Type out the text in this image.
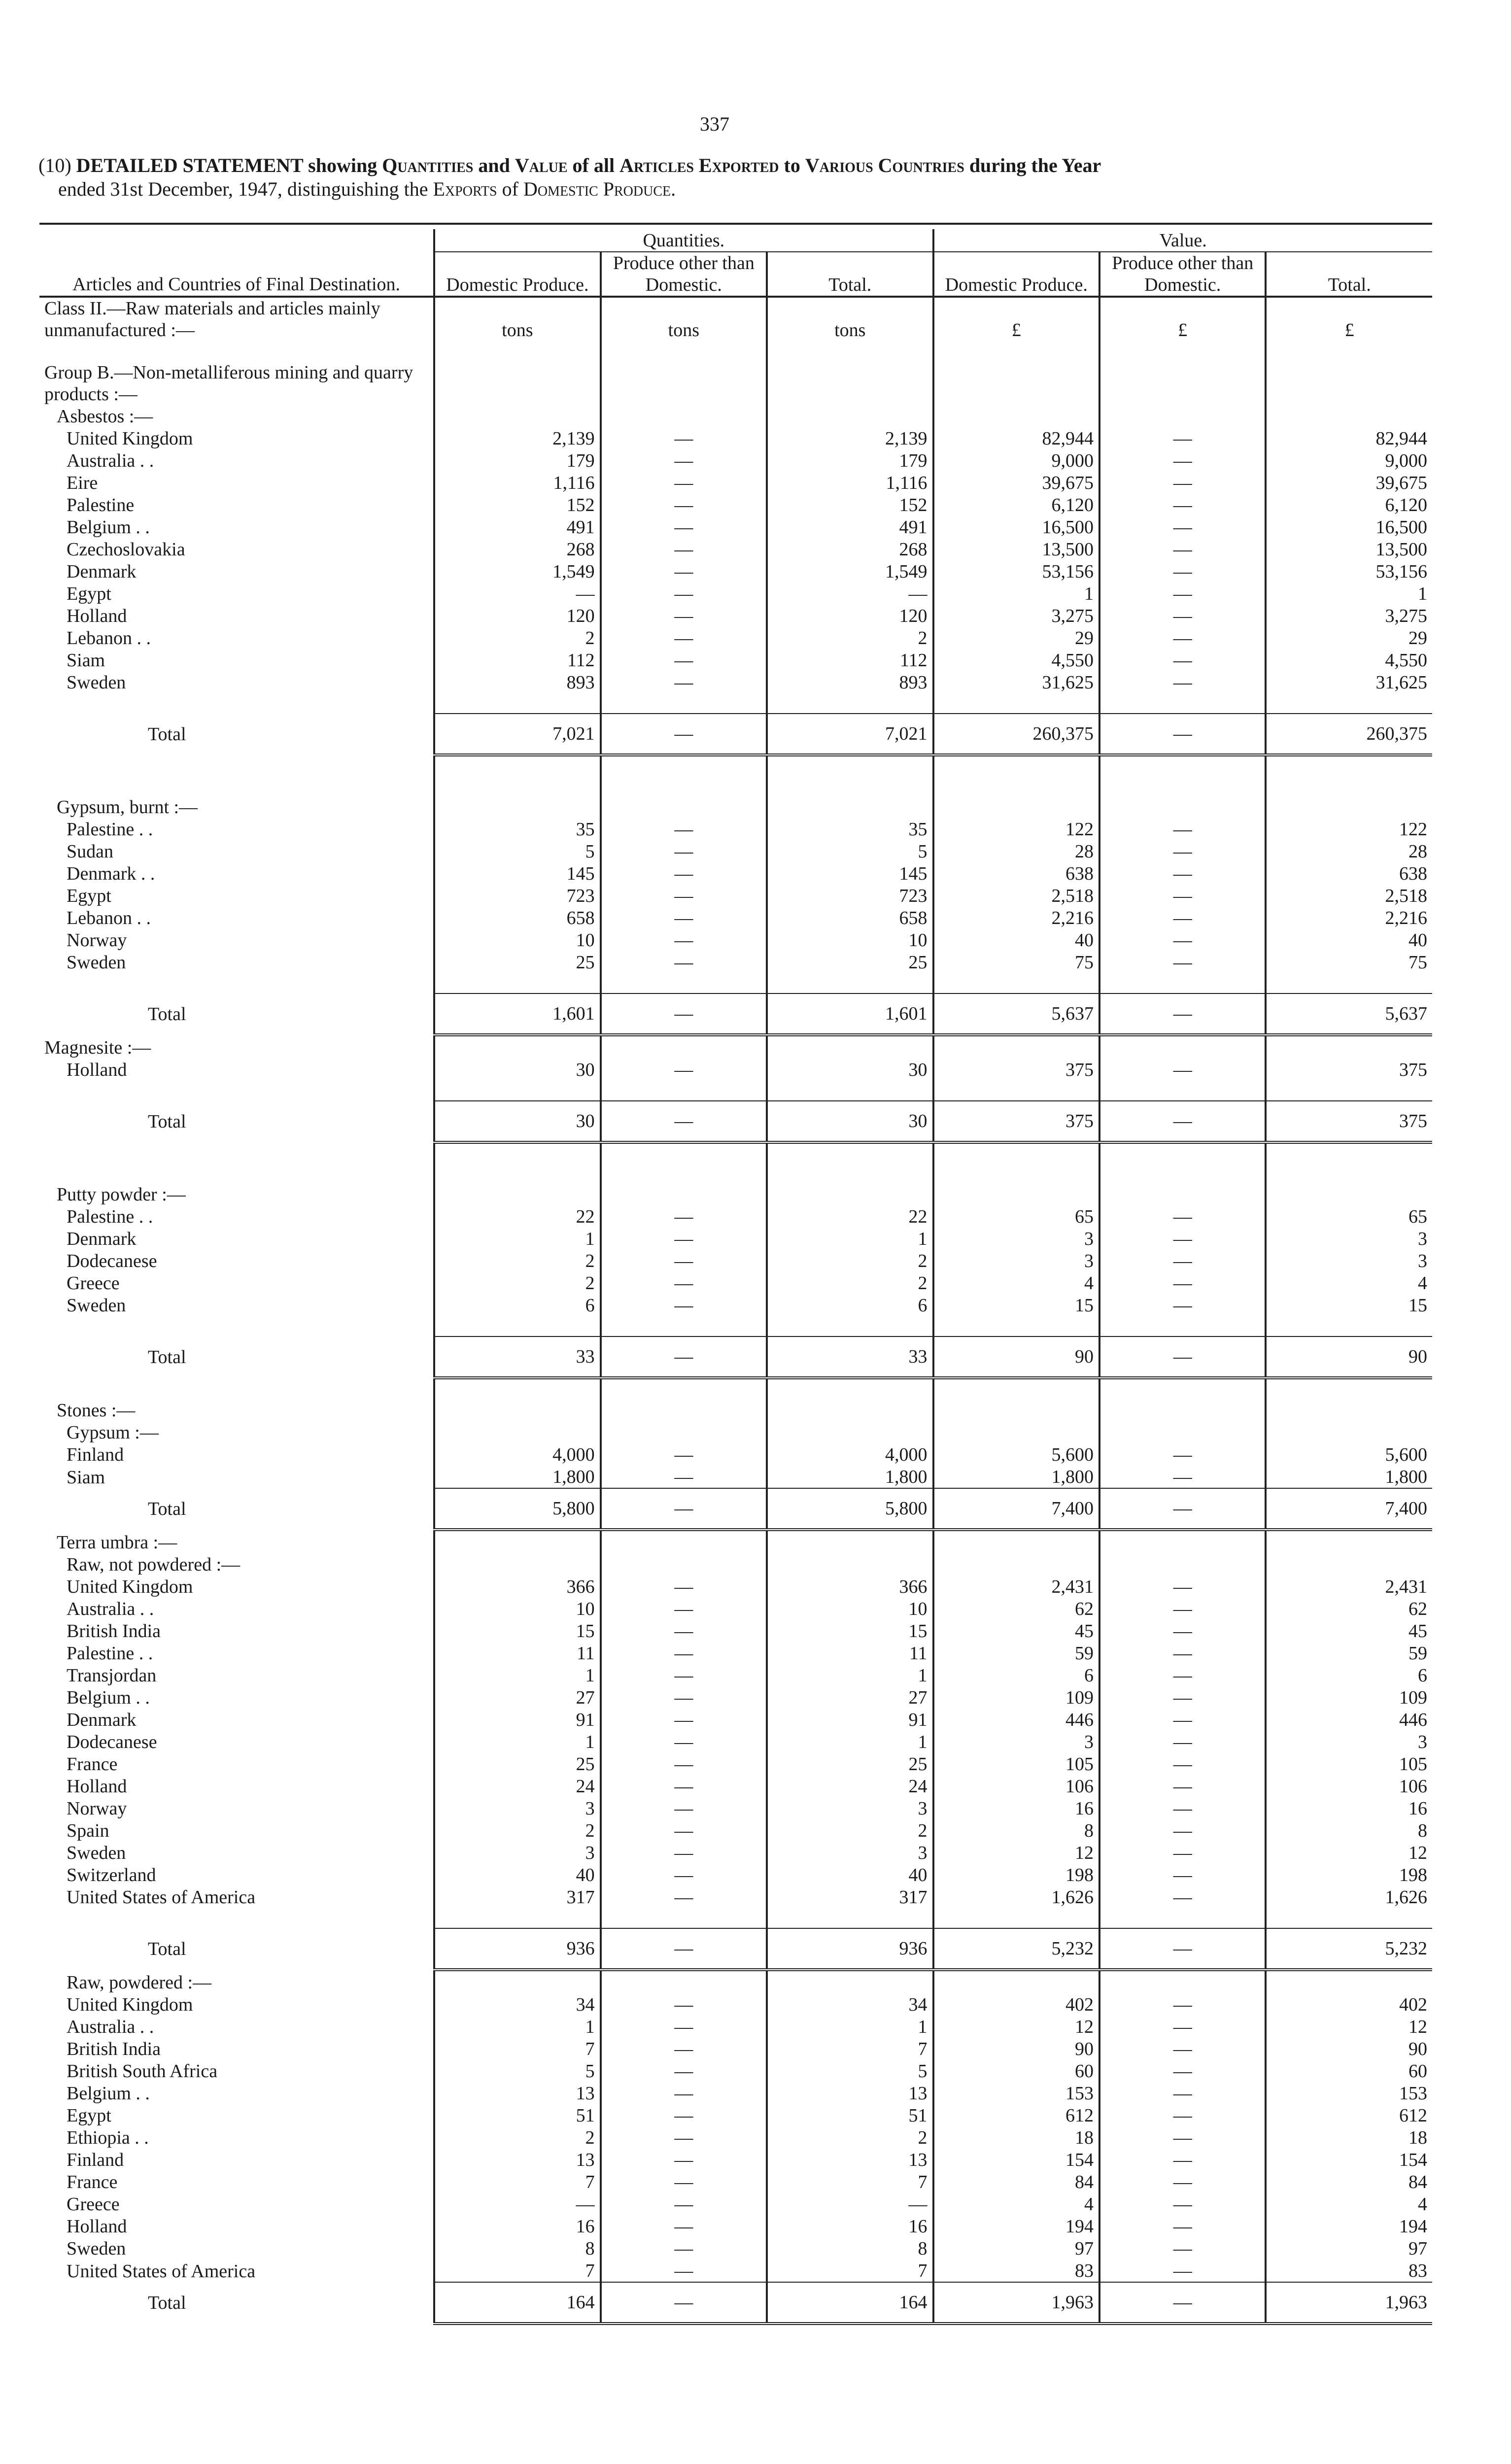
337
(10) DETAILED STATEMENT showing Quantities and Value of all Articles Exported to Various Countries during the Year
ended 31st December, 1947, distinguishing the Exports of Domestic Produce.
Articles and Countries of Final Destination.	Quantities.			Value.		
	Domestic Produce.	Produce other than Domestic.	Total.	Domestic Produce.	Produce other than Domestic.	Total.
Class II.—Raw materials and articles mainly unmanufactured :—	tons	tons	tons	£	£	£

Group B.—Non-metalliferous mining and quarry products :—						
Asbestos :—						
United Kingdom	2,139	—	2,139	82,944	—	82,944
Australia . .	179	—	179	9,000	—	9,000
Eire	1,116	—	1,116	39,675	—	39,675
Palestine	152	—	152	6,120	—	6,120
Belgium . .	491	—	491	16,500	—	16,500
Czechoslovakia	268	—	268	13,500	—	13,500
Denmark	1,549	—	1,549	53,156	—	53,156
Egypt	—	—	—	1	—	1
Holland	120	—	120	3,275	—	3,275
Lebanon . .	2	—	2	29	—	29
Siam	112	—	112	4,550	—	4,550
Sweden	893	—	893	31,625	—	31,625

Total	7,021	—	7,021	260,375	—	260,375

Gypsum, burnt :—						
Palestine . .	35	—	35	122	—	122
Sudan	5	—	5	28	—	28
Denmark . .	145	—	145	638	—	638
Egypt	723	—	723	2,518	—	2,518
Lebanon . .	658	—	658	2,216	—	2,216
Norway	10	—	10	40	—	40
Sweden	25	—	25	75	—	75

Total	1,601	—	1,601	5,637	—	5,637
Magnesite :—						
Holland	30	—	30	375	—	375

Total	30	—	30	375	—	375

Putty powder :—						
Palestine . .	22	—	22	65	—	65
Denmark	1	—	1	3	—	3
Dodecanese	2	—	2	3	—	3
Greece	2	—	2	4	—	4
Sweden	6	—	6	15	—	15

Total	33	—	33	90	—	90

Stones :—						
Gypsum :—						
Finland	4,000	—	4,000	5,600	—	5,600
Siam	1,800	—	1,800	1,800	—	1,800
Total	5,800	—	5,800	7,400	—	7,400
Terra umbra :—						
Raw, not powdered :—						
United Kingdom	366	—	366	2,431	—	2,431
Australia . .	10	—	10	62	—	62
British India	15	—	15	45	—	45
Palestine . .	11	—	11	59	—	59
Transjordan	1	—	1	6	—	6
Belgium . .	27	—	27	109	—	109
Denmark	91	—	91	446	—	446
Dodecanese	1	—	1	3	—	3
France	25	—	25	105	—	105
Holland	24	—	24	106	—	106
Norway	3	—	3	16	—	16
Spain	2	—	2	8	—	8
Sweden	3	—	3	12	—	12
Switzerland	40	—	40	198	—	198
United States of America	317	—	317	1,626	—	1,626

Total	936	—	936	5,232	—	5,232
Raw, powdered :—						
United Kingdom	34	—	34	402	—	402
Australia . .	1	—	1	12	—	12
British India	7	—	7	90	—	90
British South Africa	5	—	5	60	—	60
Belgium . .	13	—	13	153	—	153
Egypt	51	—	51	612	—	612
Ethiopia . .	2	—	2	18	—	18
Finland	13	—	13	154	—	154
France	7	—	7	84	—	84
Greece	—	—	—	4	—	4
Holland	16	—	16	194	—	194
Sweden	8	—	8	97	—	97
United States of America	7	—	7	83	—	83
Total	164	—	164	1,963	—	1,963
